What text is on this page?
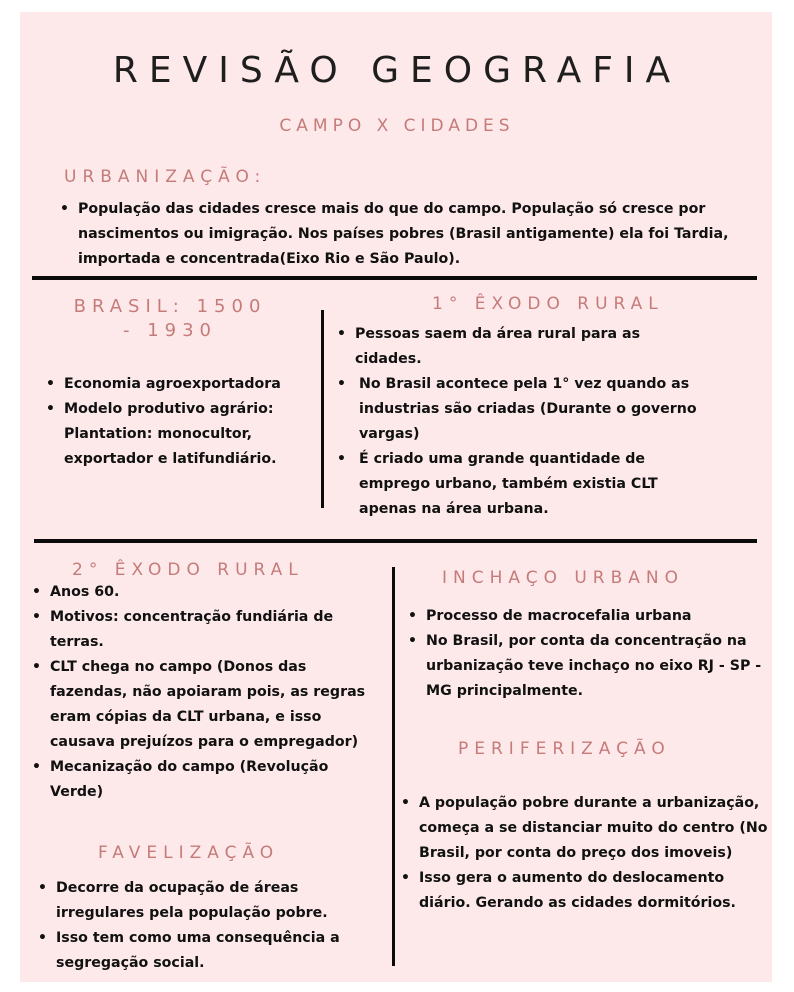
REVISÃO GEOGRAFIA
CAMPO X CIDADES
URBANIZAÇÃO:
• População das cidades cresce mais do que do campo. População só cresce por nascimentos ou imigração. Nos países pobres (Brasil antigamente) ela foi Tardia, importada e concentrada(Eixo Rio e São Paulo).
BRASIL: 1500
- 1930
• Economia agroexportadora
• Modelo produtivo agrário: Plantation: monocultor, exportador e latifundiário.
1° ÊXODO RURAL
• Pessoas saem da área rural para as cidades.
• No Brasil acontece pela 1° vez quando as industrias são criadas (Durante o governo vargas)
• É criado uma grande quantidade de emprego urbano, também existia CLT apenas na área urbana.
2° ÊXODO RURAL
• Anos 60.
• Motivos: concentração fundiária de terras.
• CLT chega no campo (Donos das fazendas, não apoiaram pois, as regras eram cópias da CLT urbana, e isso causava prejuízos para o empregador)
• Mecanização do campo (Revolução Verde)
FAVELIZAÇÃO
• Decorre da ocupação de áreas irregulares pela população pobre.
• Isso tem como uma consequência a segregação social.
INCHAÇO URBANO
• Processo de macrocefalia urbana
• No Brasil, por conta da concentração na urbanização teve inchaço no eixo RJ - SP - MG principalmente.
PERIFERIZAÇÃO
• A população pobre durante a urbanização, começa a se distanciar muito do centro (No Brasil, por conta do preço dos imoveis)
• Isso gera o aumento do deslocamento diário. Gerando as cidades dormitórios.
